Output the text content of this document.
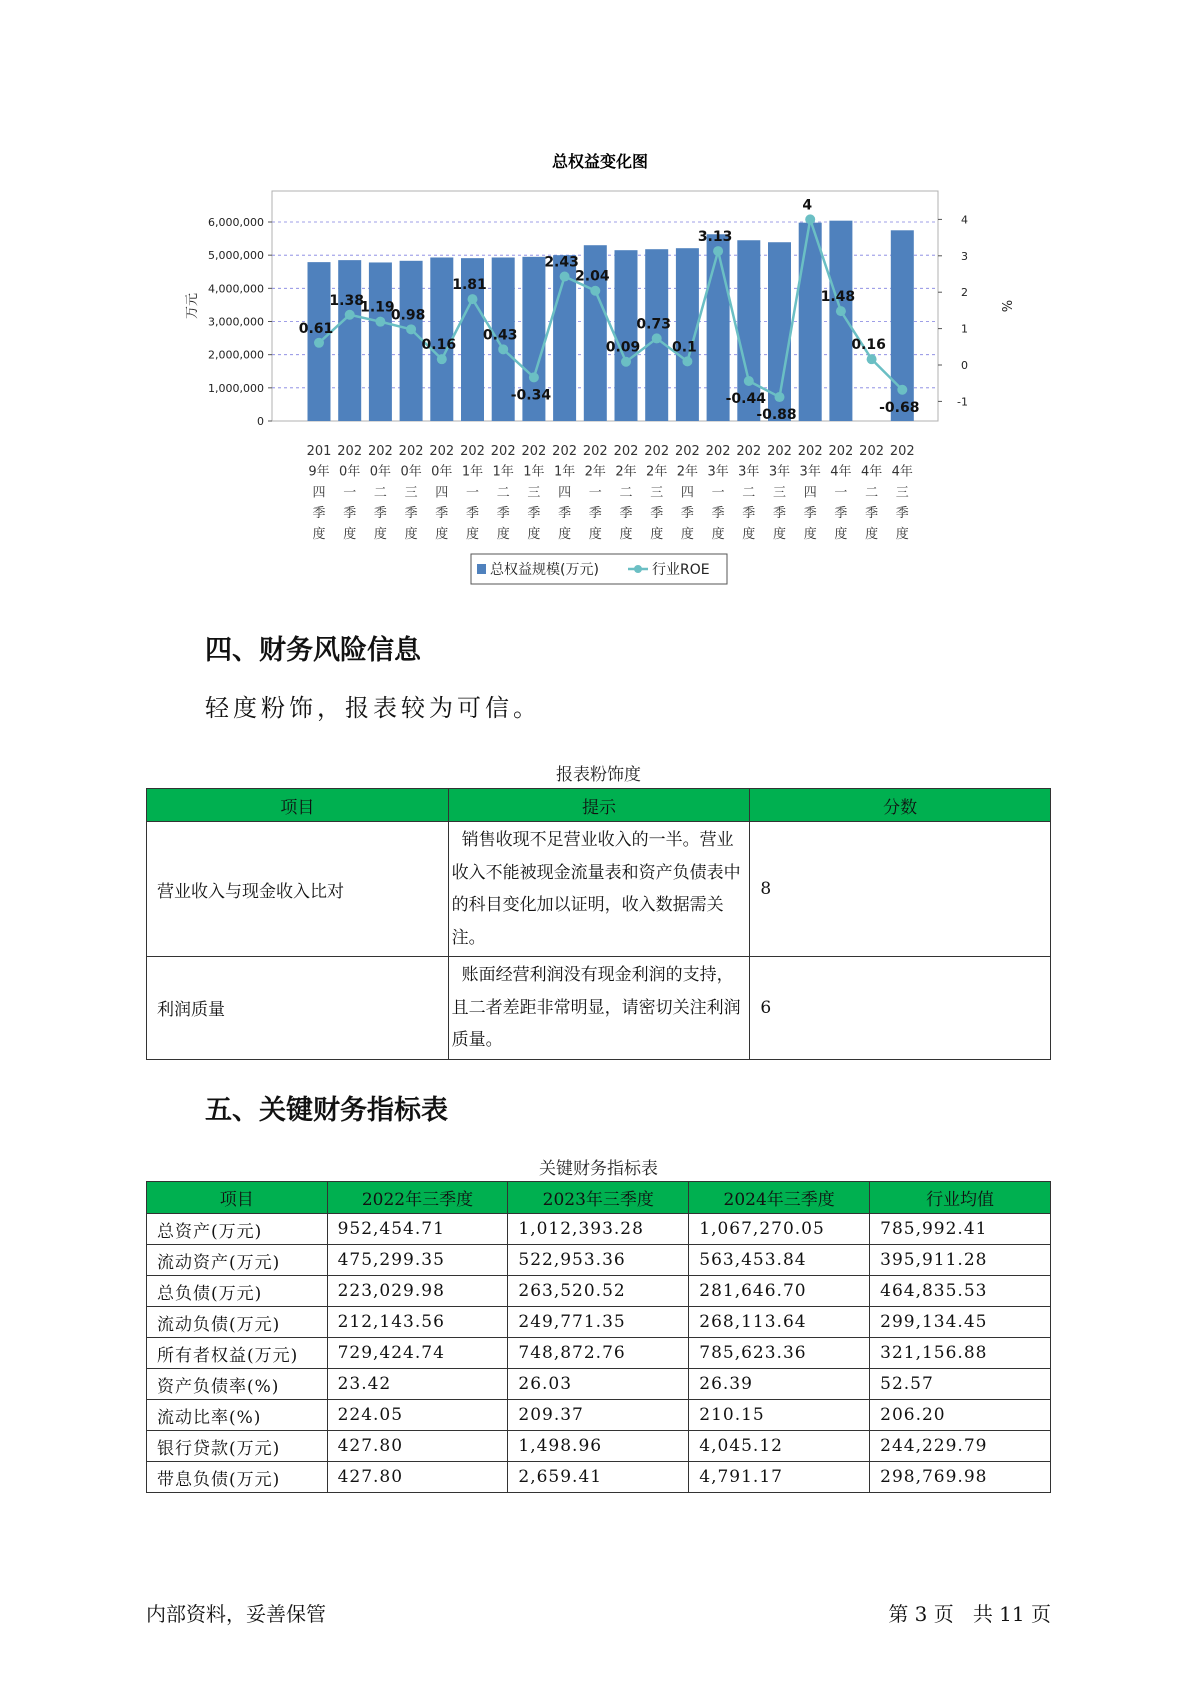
总权益变化图
0
1,000,000
2,000,000
3,000,000
4,000,000
5,000,000
6,000,000
-1
0
1
2
3
4
万元	%
0.61
1.38
1.19
0.98
0.16
1.81
0.43
-0.34
2.43
2.04
0.09
0.73
0.1
3.13
-0.44
-0.88
4
1.48
0.16
-0.68
201
9年
四
季
度
202
0年
一
季
度
202
0年
二
季
度
202
0年
三
季
度
202
0年
四
季
度
202
1年
一
季
度
202
1年
二
季
度
202
1年
三
季
度
202
1年
四
季
度
202
2年
一
季
度
202
2年
二
季
度
202
2年
三
季
度
202
2年
四
季
度
202
3年
一
季
度
202
3年
二
季
度
202
3年
三
季
度
202
3年
四
季
度
202
4年
一
季
度
202
4年
二
季
度
202
4年
三
季
度
总权益规模(万元)	行业ROE
四、财务风险信息

轻度粉饰，报表较为可信。

报表粉饰度
项目	提示	分数
营业收入与现金收入比对	销售收现不足营业收入的一半。营业收入不能被现金流量表和资产负债表中的科目变化加以证明，收入数据需关注。	8
利润质量	账面经营利润没有现金利润的支持，且二者差距非常明显，请密切关注利润质量。	6
五、关键财务指标表
关键财务指标表
项目	2022年三季度	2023年三季度	2024年三季度	行业均值
总资产(万元)	952,454.71	1,012,393.28	1,067,270.05	785,992.41
流动资产(万元)	475,299.35	522,953.36	563,453.84	395,911.28
总负债(万元)	223,029.98	263,520.52	281,646.70	464,835.53
流动负债(万元)	212,143.56	249,771.35	268,113.64	299,134.45
所有者权益(万元)	729,424.74	748,872.76	785,623.36	321,156.88
资产负债率(%)	23.42	26.03	26.39	52.57
流动比率(%)	224.05	209.37	210.15	206.20
银行贷款(万元)	427.80	1,498.96	4,045.12	244,229.79
带息负债(万元)	427.80	2,659.41	4,791.17	298,769.98
内部资料，妥善保管	第 3 页   共 11 页
